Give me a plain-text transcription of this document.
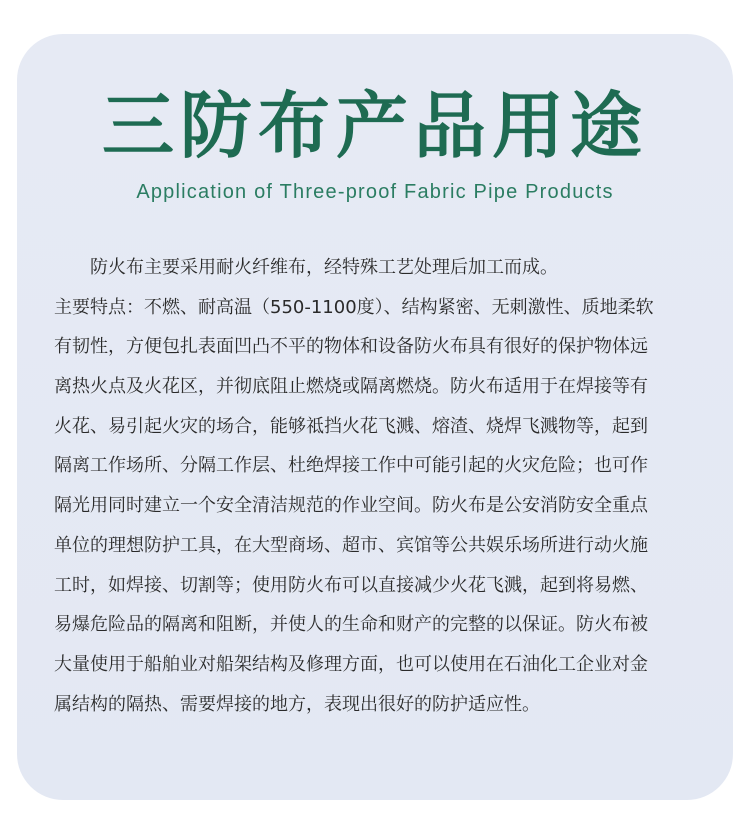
三防布产品用途
Application of Three-proof Fabric Pipe Products
防火布主要采用耐火纤维布，经特殊工艺处理后加工而成。
主要特点：不燃、耐高温（550-1100度）、结构紧密、无刺激性、质地柔软
有韧性，方便包扎表面凹凸不平的物体和设备防火布具有很好的保护物体远
离热火点及火花区，并彻底阻止燃烧或隔离燃烧。防火布适用于在焊接等有
火花、易引起火灾的场合，能够祗挡火花飞溅、熔渣、烧焊飞溅物等，起到
隔离工作场所、分隔工作层、杜绝焊接工作中可能引起的火灾危险；也可作
隔光用同时建立一个安全清洁规范的作业空间。防火布是公安消防安全重点
单位的理想防护工具，在大型商场、超市、宾馆等公共娱乐场所进行动火施
工时，如焊接、切割等；使用防火布可以直接减少火花飞溅，起到将易燃、
易爆危险品的隔离和阻断，并使人的生命和财产的完整的以保证。防火布被
大量使用于船舶业对船架结构及修理方面，也可以使用在石油化工企业对金
属结构的隔热、需要焊接的地方，表现出很好的防护适应性。
